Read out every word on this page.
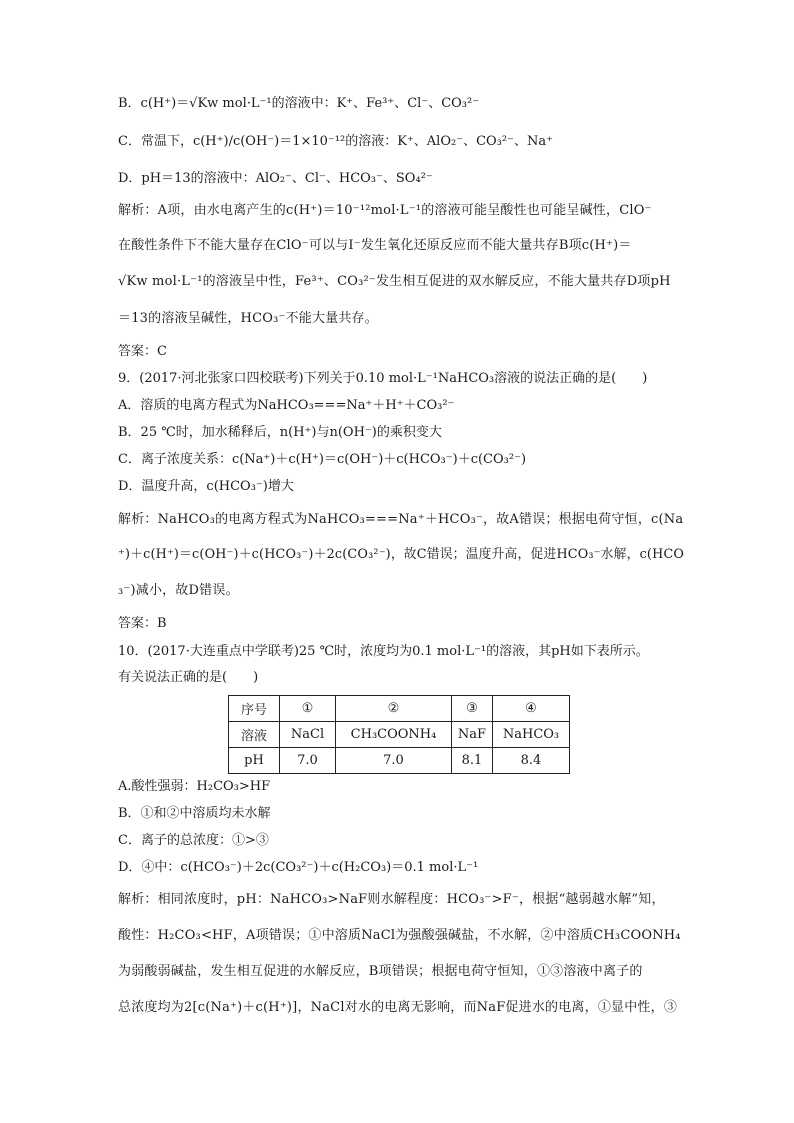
B．c(H⁺)＝√Kw mol·L⁻¹的溶液中：K⁺、Fe³⁺、Cl⁻、CO₃²⁻
C．常温下，c(H⁺)/c(OH⁻)＝1×10⁻¹²的溶液：K⁺、AlO₂⁻、CO₃²⁻、Na⁺
D．pH＝13的溶液中：AlO₂⁻、Cl⁻、HCO₃⁻、SO₄²⁻
解析：A项，由水电离产生的c(H⁺)＝10⁻¹²mol·L⁻¹的溶液可能呈酸性也可能呈碱性，ClO⁻
在酸性条件下不能大量存在ClO⁻可以与I⁻发生氧化还原反应而不能大量共存B项c(H⁺)＝
√Kw mol·L⁻¹的溶液呈中性，Fe³⁺、CO₃²⁻发生相互促进的双水解反应，不能大量共存D项pH
＝13的溶液呈碱性，HCO₃⁻不能大量共存。
答案：C
9．(2017·河北张家口四校联考)下列关于0.10 mol·L⁻¹NaHCO₃溶液的说法正确的是(　　)
A．溶质的电离方程式为NaHCO₃===Na⁺＋H⁺＋CO₃²⁻
B．25 ℃时，加水稀释后，n(H⁺)与n(OH⁻)的乘积变大
C．离子浓度关系：c(Na⁺)＋c(H⁺)＝c(OH⁻)＋c(HCO₃⁻)＋c(CO₃²⁻)
D．温度升高，c(HCO₃⁻)增大
解析：NaHCO₃的电离方程式为NaHCO₃===Na⁺＋HCO₃⁻，故A错误；根据电荷守恒，c(Na
⁺)＋c(H⁺)＝c(OH⁻)＋c(HCO₃⁻)＋2c(CO₃²⁻)，故C错误；温度升高，促进HCO₃⁻水解，c(HCO
₃⁻)减小，故D错误。
答案：B
10．(2017·大连重点中学联考)25 ℃时，浓度均为0.1 mol·L⁻¹的溶液，其pH如下表所示。
有关说法正确的是(　　)
序号	①	②	③	④
溶液	NaCl	CH₃COONH₄	NaF	NaHCO₃
pH	7.0	7.0	8.1	8.4
A.酸性强弱：H₂CO₃>HF
B．①和②中溶质均未水解
C．离子的总浓度：①>③
D．④中：c(HCO₃⁻)＋2c(CO₃²⁻)＋c(H₂CO₃)＝0.1 mol·L⁻¹
解析：相同浓度时，pH：NaHCO₃>NaF则水解程度：HCO₃⁻>F⁻，根据“越弱越水解”知，
酸性：H₂CO₃<HF，A项错误；①中溶质NaCl为强酸强碱盐，不水解，②中溶质CH₃COONH₄
为弱酸弱碱盐，发生相互促进的水解反应，B项错误；根据电荷守恒知，①③溶液中离子的
总浓度均为2[c(Na⁺)＋c(H⁺)]，NaCl对水的电离无影响，而NaF促进水的电离，①显中性，③
